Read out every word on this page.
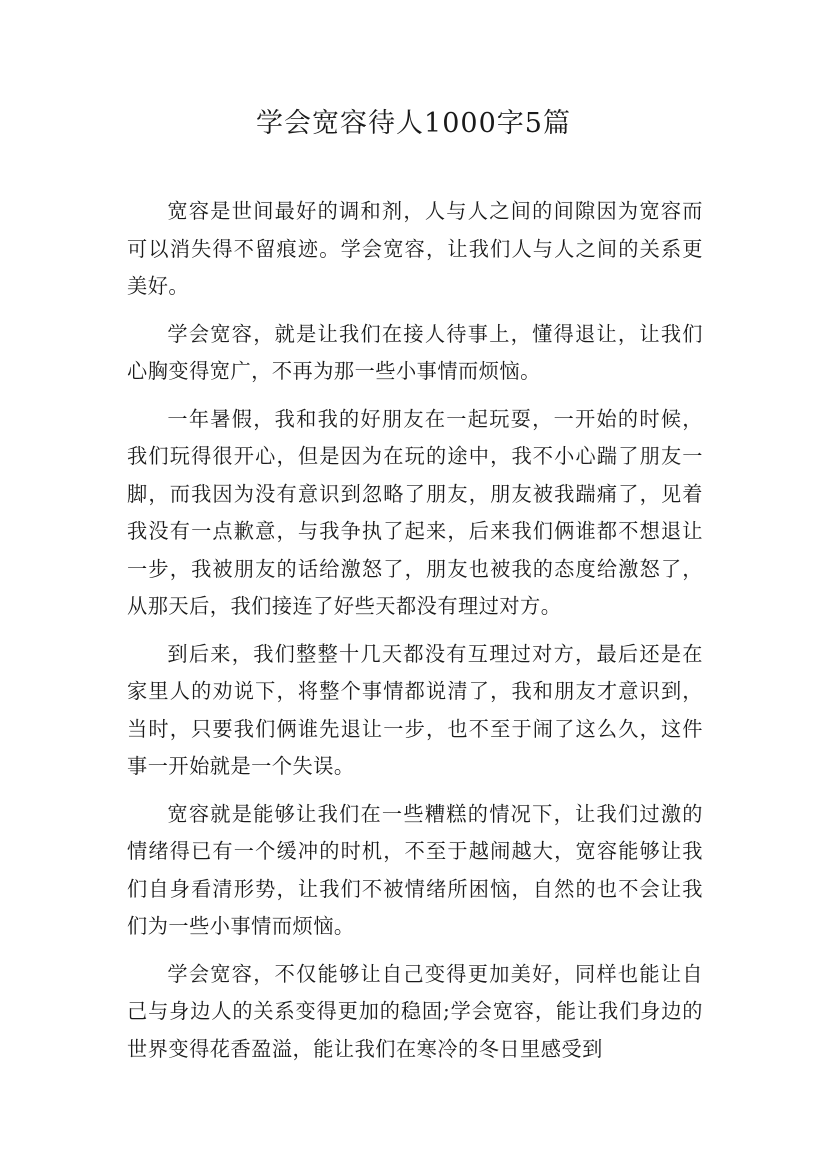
学会宽容待人1000字5篇

宽容是世间最好的调和剂，人与人之间的间隙因为宽容而可以消失得不留痕迹。学会宽容，让我们人与人之间的关系更美好。

学会宽容，就是让我们在接人待事上，懂得退让，让我们心胸变得宽广，不再为那一些小事情而烦恼。

一年暑假，我和我的好朋友在一起玩耍，一开始的时候，我们玩得很开心，但是因为在玩的途中，我不小心踹了朋友一脚，而我因为没有意识到忽略了朋友，朋友被我踹痛了，见着我没有一点歉意，与我争执了起来，后来我们俩谁都不想退让一步，我被朋友的话给激怒了，朋友也被我的态度给激怒了，从那天后，我们接连了好些天都没有理过对方。

到后来，我们整整十几天都没有互理过对方，最后还是在家里人的劝说下，将整个事情都说清了，我和朋友才意识到，当时，只要我们俩谁先退让一步，也不至于闹了这么久，这件事一开始就是一个失误。

宽容就是能够让我们在一些糟糕的情况下，让我们过激的情绪得已有一个缓冲的时机，不至于越闹越大，宽容能够让我们自身看清形势，让我们不被情绪所困恼，自然的也不会让我们为一些小事情而烦恼。

学会宽容，不仅能够让自己变得更加美好，同样也能让自己与身边人的关系变得更加的稳固;学会宽容，能让我们身边的世界变得花香盈溢，能让我们在寒冷的冬日里感受到
